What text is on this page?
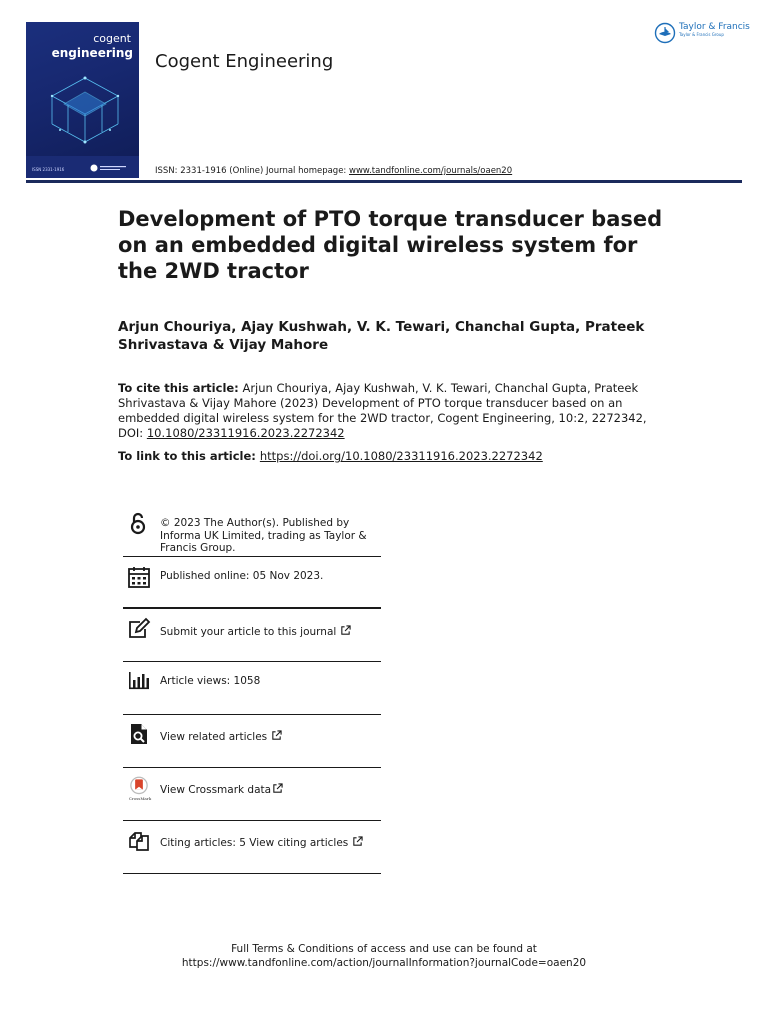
cogent
engineering
ISSN 2331-1916
Cogent Engineering
Taylor & Francis
Taylor & Francis Group
ISSN: 2331-1916 (Online) Journal homepage: www.tandfonline.com/journals/oaen20
Development of PTO torque transducer based on an embedded digital wireless system for the 2WD tractor
Arjun Chouriya, Ajay Kushwah, V. K. Tewari, Chanchal Gupta, Prateek Shrivastava & Vijay Mahore
To cite this article: Arjun Chouriya, Ajay Kushwah, V. K. Tewari, Chanchal Gupta, Prateek Shrivastava & Vijay Mahore (2023) Development of PTO torque transducer based on an embedded digital wireless system for the 2WD tractor, Cogent Engineering, 10:2, 2272342, DOI: 10.1080/23311916.2023.2272342
To link to this article: https://doi.org/10.1080/23311916.2023.2272342
© 2023 The Author(s). Published by Informa UK Limited, trading as Taylor & Francis Group.
Published online: 05 Nov 2023.
Submit your article to this journal
Article views: 1058
View related articles
CrossMark
View Crossmark data
Citing articles: 5 View citing articles
Full Terms & Conditions of access and use can be found at
https://www.tandfonline.com/action/journalInformation?journalCode=oaen20
